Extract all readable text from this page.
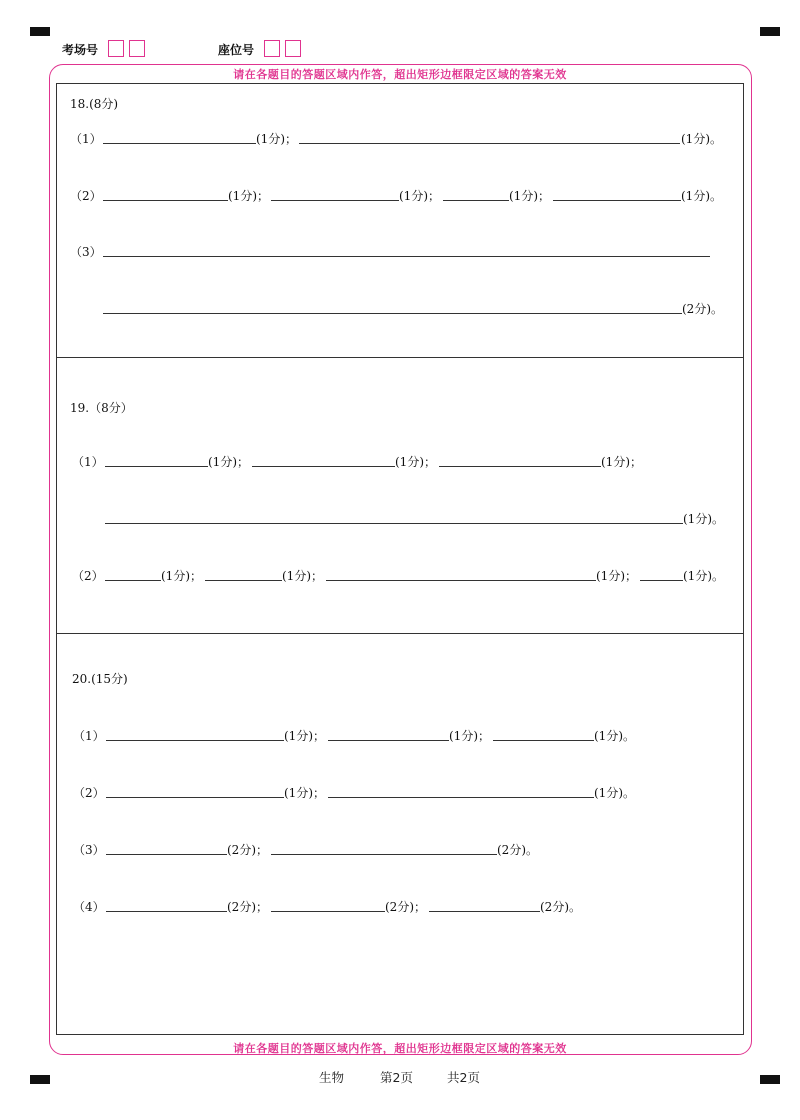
考场号	座位号
请在各题目的答题区域内作答，超出矩形边框限定区域的答案无效
请在各题目的答题区域内作答，超出矩形边框限定区域的答案无效
18.(8分)
（1）	(1分)；	(1分)。
（2）	(1分)；	(1分)；	(1分)；	(1分)。
（3）
(2分)。
19.（8分）
（1）	(1分)；	(1分)；	(1分)；
(1分)。
（2）	(1分)；	(1分)；	(1分)；	(1分)。
20.(15分)
（1）	(1分)；	(1分)；	(1分)。
（2）	(1分)；	(1分)。
（3）	(2分)；	(2分)。
（4）	(2分)；	(2分)；	(2分)。
生物	第2页	共2页
